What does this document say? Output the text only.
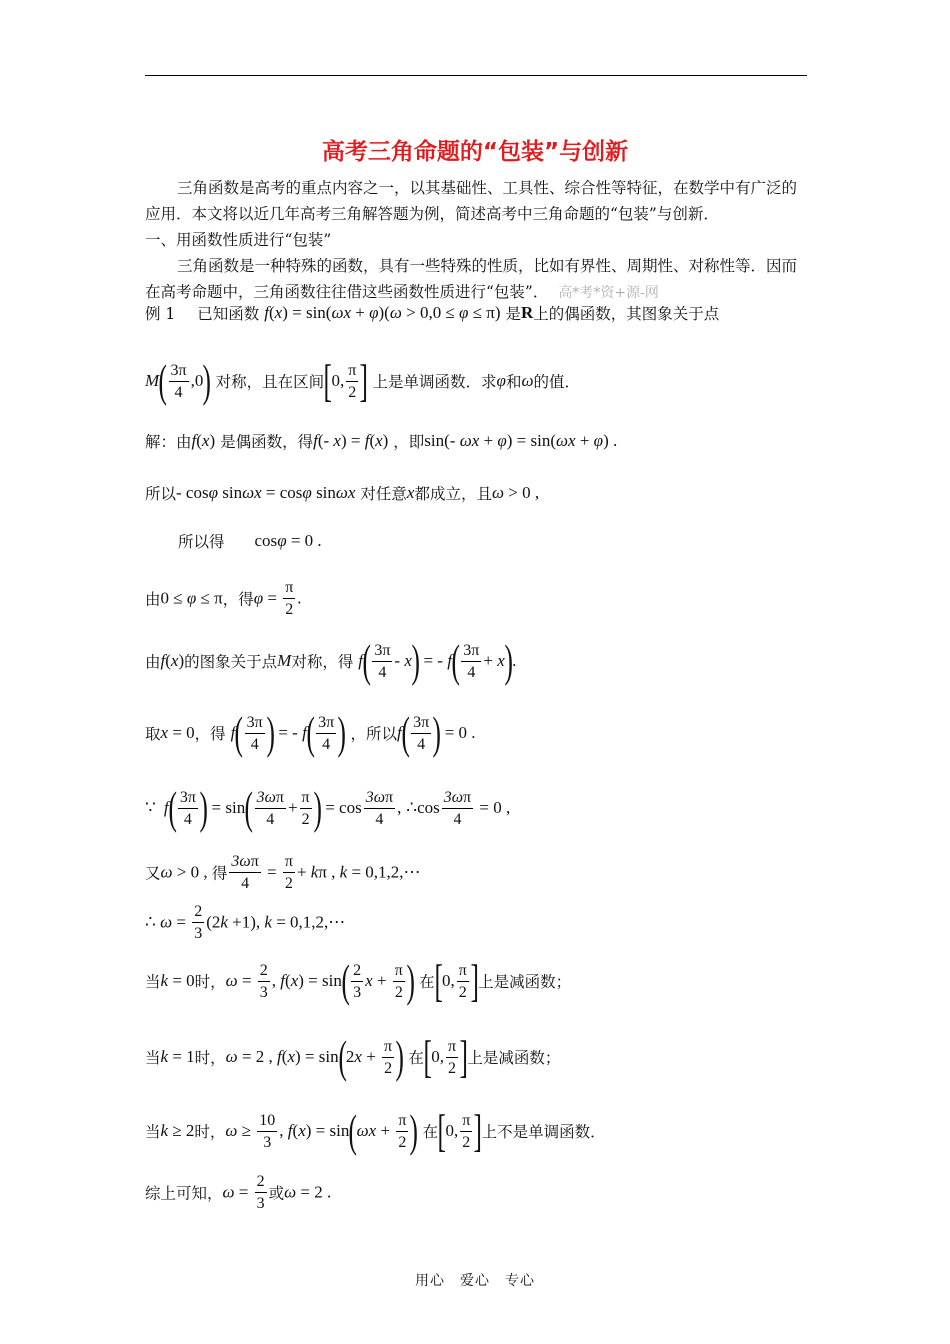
高考三角命题的“包装”与创新
三角函数是高考的重点内容之一，以其基础性、工具性、综合性等特征，在数学中有广泛的应用．本文将以近几年高考三角解答题为例，简述高考中三角命题的“包装”与创新．
一、用函数性质进行“包装”
三角函数是一种特殊的函数，具有一些特殊的性质，比如有界性、周期性、对称性等．因而在高考命题中，三角函数往往借这些函数性质进行“包装”． 高*考*资+源-网
例 1 已知函数 f(x) = sin(ωx + φ)(ω > 0,0 ≤ φ ≤ π) 是R上的偶函数，其图象关于点
$M( \frac{3\pi}{4} ,0)$ 对称，且在区间[0, $\frac{\pi}{2}$ ] 上是单调函数．求φ和ω的值．
解：由f(x) 是偶函数，得f(- x) = f(x) ，即sin(- ωx + φ) = sin(ωx + φ) .
所以- cosφ sinωx = cosφ sinωx 对任意x都成立，且ω > 0 ,
所以得 cosφ = 0 .
由0 ≤ φ ≤ π，得$\varphi = \frac{\pi}{2}$ .
由f(x)的图象关于点M对称，得 $f( \frac{3\pi}{4} - x)$ = - $f( \frac{3\pi}{4} + x)$.
取x = 0，得 $f( \frac{3\pi}{4}$ ) = - $f( \frac{3\pi}{4}$ ) ，所以$f( \frac{3\pi}{4}$ ) = 0 .
∵ $f( \frac{3\pi}{4}$ ) = $\sin( \frac{3\omega\pi}{4} + \frac{\pi}{2}$ ) = $\cos \frac{3\omega\pi}{4}$ , ∴cos $\frac{3\omega\pi}{4} = 0$ ,
又ω > 0 , 得 $\frac{3\omega\pi}{4} = \frac{\pi}{2} + k\pi$ , k = 0,1,2,⋯
∴ $\omega = \frac{2}{3} (2k +1)$, k = 0,1,2,⋯
当k = 0时，$\omega = \frac{2}{3}$ , $f(x) = \sin( \frac{2}{3}$ $x + \frac{\pi}{2}$ ) 在[0, $\frac{\pi}{2}$ ]上是减函数；
当k = 1时，ω = 2 , $f(x) = \sin(2x + \frac{\pi}{2}$ ) 在[0, $\frac{\pi}{2}$ ]上是减函数；
当k ≥ 2时，$\omega \ge \frac{10}{3}$ , $f(x) = \sin(\omega x + \frac{\pi}{2}$ ) 在[0, $\frac{\pi}{2}$ ]上不是单调函数．
综上可知，$\omega = \frac{2}{3}$ 或ω = 2 .
用心　爱心　专心
